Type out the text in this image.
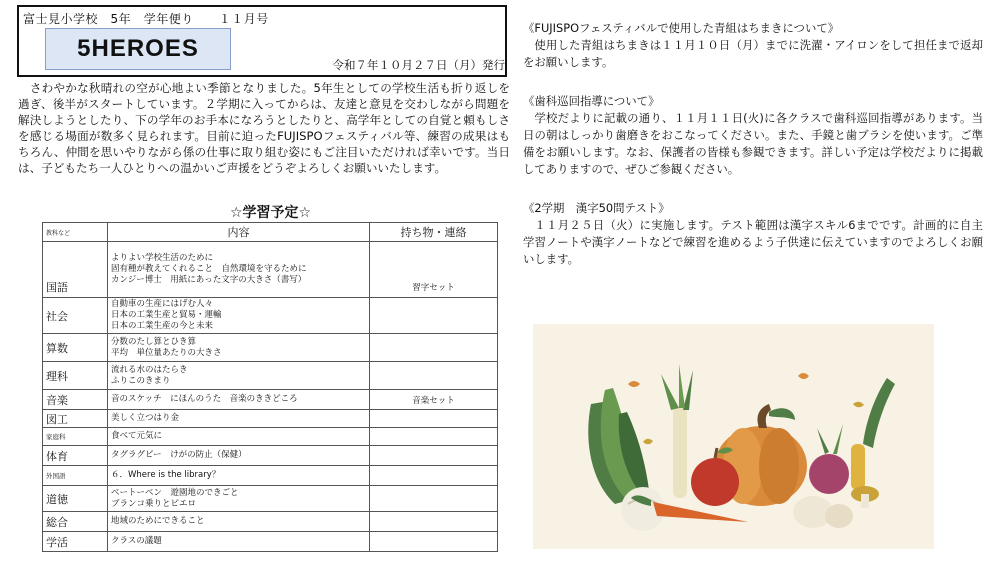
富士見小学校　 5年　 学年便り　　 １１月号
5HEROES
令和７年１０月２７日（月）発行

　さわやかな秋晴れの空が心地よい季節となりました。5年生としての学校生活も折り返しを過ぎ、後半がスタートしています。２学期に入ってからは、友達と意見を交わしながら問題を解決しようとしたり、下の学年のお手本になろうとしたりと、高学年としての自覚と頼もしさを感じる場面が数多く見られます。目前に迫ったFUJISPOフェスティバル等、練習の成果はもちろん、仲間を思いやりながら係の仕事に取り組む姿にもご注目いただければ幸いです。当日は、子どもたち一人ひとりへの温かいご声援をどうぞよろしくお願いいたします。

☆学習予定☆
教科など	内容	持ち物・連絡
国語	よりよい学校生活のために
固有種が教えてくれること　自然環境を守るために
カンジー博士　用紙にあった文字の大きさ（書写）	習字セット
社会	自動車の生産にはげむ人々
日本の工業生産と貿易・運輸
日本の工業生産の今と未来	

算数	分数のたし算とひき算
平均　単位量あたりの大きさ	

理科	流れる水のはたらき
ふりこのきまり	

音楽	音のスケッチ　にほんのうた　音楽のききどころ	音楽セット
図工	美しく立つはり金	

家庭科	食べて元気に	

体育	タグラグビー　けがの防止（保健）	

外国語	６．Where is the library？	

道徳	ベートーベン　遊園地のできごと
ブランコ乗りとピエロ	

総合	地域のためにできること	

学活	クラスの議題	

《FUJISPOフェスティバルで使用した青組はちまきについて》
使用した青組はちまきは１１月１０日（月）までに洗濯・アイロンをして担任まで返却をお願いします。
《歯科巡回指導について》
学校だよりに記載の通り、１１月１１日(火)に各クラスで歯科巡回指導があります。当日の朝はしっかり歯磨きをおこなってください。また、手鏡と歯ブラシを使います。ご準備をお願いします。なお、保護者の皆様も参観できます。詳しい予定は学校だよりに掲載してありますので、ぜひご参観ください。
《2学期　漢字50問テスト》
１１月２５日（火）に実施します。テスト範囲は漢字スキル6までです。計画的に自主学習ノートや漢字ノートなどで練習を進めるよう子供達に伝えていますのでよろしくお願いします。
